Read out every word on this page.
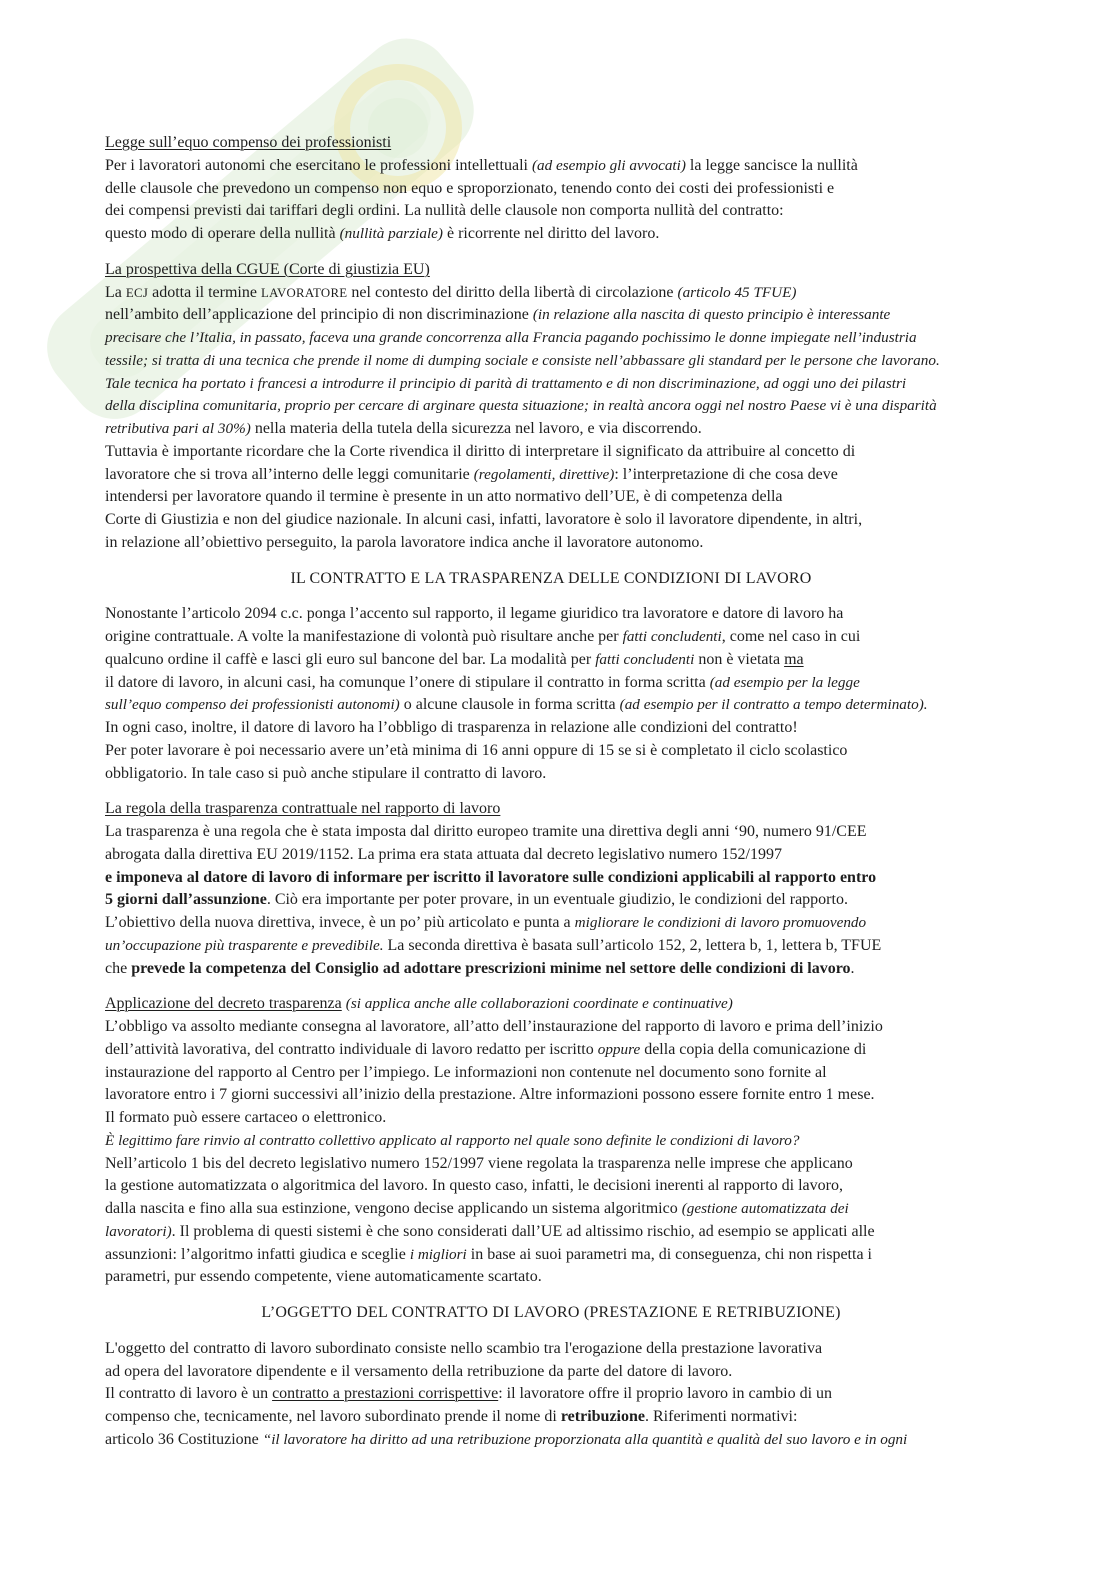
Legge sull’equo compenso dei professionisti
Per i lavoratori autonomi che esercitano le professioni intellettuali (ad esempio gli avvocati) la legge sancisce la nullità
delle clausole che prevedono un compenso non equo e sproporzionato, tenendo conto dei costi dei professionisti e
dei compensi previsti dai tariffari degli ordini. La nullità delle clausole non comporta nullità del contratto:
questo modo di operare della nullità (nullità parziale) è ricorrente nel diritto del lavoro.
La prospettiva della CGUE (Corte di giustizia EU)
La ECJ adotta il termine LAVORATORE nel contesto del diritto della libertà di circolazione (articolo 45 TFUE)
nell’ambito dell’applicazione del principio di non discriminazione (in relazione alla nascita di questo principio è interessante
precisare che l’Italia, in passato, faceva una grande concorrenza alla Francia pagando pochissimo le donne impiegate nell’industria
tessile; si tratta di una tecnica che prende il nome di dumping sociale e consiste nell’abbassare gli standard per le persone che lavorano.
Tale tecnica ha portato i francesi a introdurre il principio di parità di trattamento e di non discriminazione, ad oggi uno dei pilastri
della disciplina comunitaria, proprio per cercare di arginare questa situazione; in realtà ancora oggi nel nostro Paese vi è una disparità
retributiva pari al 30%) nella materia della tutela della sicurezza nel lavoro, e via discorrendo.
Tuttavia è importante ricordare che la Corte rivendica il diritto di interpretare il significato da attribuire al concetto di
lavoratore che si trova all’interno delle leggi comunitarie (regolamenti, direttive): l’interpretazione di che cosa deve
intendersi per lavoratore quando il termine è presente in un atto normativo dell’UE, è di competenza della
Corte di Giustizia e non del giudice nazionale. In alcuni casi, infatti, lavoratore è solo il lavoratore dipendente, in altri,
in relazione all’obiettivo perseguito, la parola lavoratore indica anche il lavoratore autonomo.
IL CONTRATTO E LA TRASPARENZA DELLE CONDIZIONI DI LAVORO
Nonostante l’articolo 2094 c.c. ponga l’accento sul rapporto, il legame giuridico tra lavoratore e datore di lavoro ha
origine contrattuale. A volte la manifestazione di volontà può risultare anche per fatti concludenti, come nel caso in cui
qualcuno ordine il caffè e lasci gli euro sul bancone del bar. La modalità per fatti concludenti non è vietata ma
il datore di lavoro, in alcuni casi, ha comunque l’onere di stipulare il contratto in forma scritta (ad esempio per la legge
sull’equo compenso dei professionisti autonomi) o alcune clausole in forma scritta (ad esempio per il contratto a tempo determinato).
In ogni caso, inoltre, il datore di lavoro ha l’obbligo di trasparenza in relazione alle condizioni del contratto!
Per poter lavorare è poi necessario avere un’età minima di 16 anni oppure di 15 se si è completato il ciclo scolastico
obbligatorio. In tale caso si può anche stipulare il contratto di lavoro.
La regola della trasparenza contrattuale nel rapporto di lavoro
La trasparenza è una regola che è stata imposta dal diritto europeo tramite una direttiva degli anni ‘90, numero 91/CEE
abrogata dalla direttiva EU 2019/1152. La prima era stata attuata dal decreto legislativo numero 152/1997
e imponeva al datore di lavoro di informare per iscritto il lavoratore sulle condizioni applicabili al rapporto entro
5 giorni dall’assunzione. Ciò era importante per poter provare, in un eventuale giudizio, le condizioni del rapporto.
L’obiettivo della nuova direttiva, invece, è un po’ più articolato e punta a migliorare le condizioni di lavoro promuovendo
un’occupazione più trasparente e prevedibile. La seconda direttiva è basata sull’articolo 152, 2, lettera b, 1, lettera b, TFUE
che prevede la competenza del Consiglio ad adottare prescrizioni minime nel settore delle condizioni di lavoro.
Applicazione del decreto trasparenza (si applica anche alle collaborazioni coordinate e continuative)
L’obbligo va assolto mediante consegna al lavoratore, all’atto dell’instaurazione del rapporto di lavoro e prima dell’inizio
dell’attività lavorativa, del contratto individuale di lavoro redatto per iscritto oppure della copia della comunicazione di
instaurazione del rapporto al Centro per l’impiego. Le informazioni non contenute nel documento sono fornite al
lavoratore entro i 7 giorni successivi all’inizio della prestazione. Altre informazioni possono essere fornite entro 1 mese.
Il formato può essere cartaceo o elettronico.
È legittimo fare rinvio al contratto collettivo applicato al rapporto nel quale sono definite le condizioni di lavoro?
Nell’articolo 1 bis del decreto legislativo numero 152/1997 viene regolata la trasparenza nelle imprese che applicano
la gestione automatizzata o algoritmica del lavoro. In questo caso, infatti, le decisioni inerenti al rapporto di lavoro,
dalla nascita e fino alla sua estinzione, vengono decise applicando un sistema algoritmico (gestione automatizzata dei
lavoratori). Il problema di questi sistemi è che sono considerati dall’UE ad altissimo rischio, ad esempio se applicati alle
assunzioni: l’algoritmo infatti giudica e sceglie i migliori in base ai suoi parametri ma, di conseguenza, chi non rispetta i
parametri, pur essendo competente, viene automaticamente scartato.
L’OGGETTO DEL CONTRATTO DI LAVORO (PRESTAZIONE E RETRIBUZIONE)
L'oggetto del contratto di lavoro subordinato consiste nello scambio tra l'erogazione della prestazione lavorativa
ad opera del lavoratore dipendente e il versamento della retribuzione da parte del datore di lavoro.
Il contratto di lavoro è un contratto a prestazioni corrispettive: il lavoratore offre il proprio lavoro in cambio di un
compenso che, tecnicamente, nel lavoro subordinato prende il nome di retribuzione. Riferimenti normativi:
articolo 36 Costituzione “il lavoratore ha diritto ad una retribuzione proporzionata alla quantità e qualità del suo lavoro e in ogni
